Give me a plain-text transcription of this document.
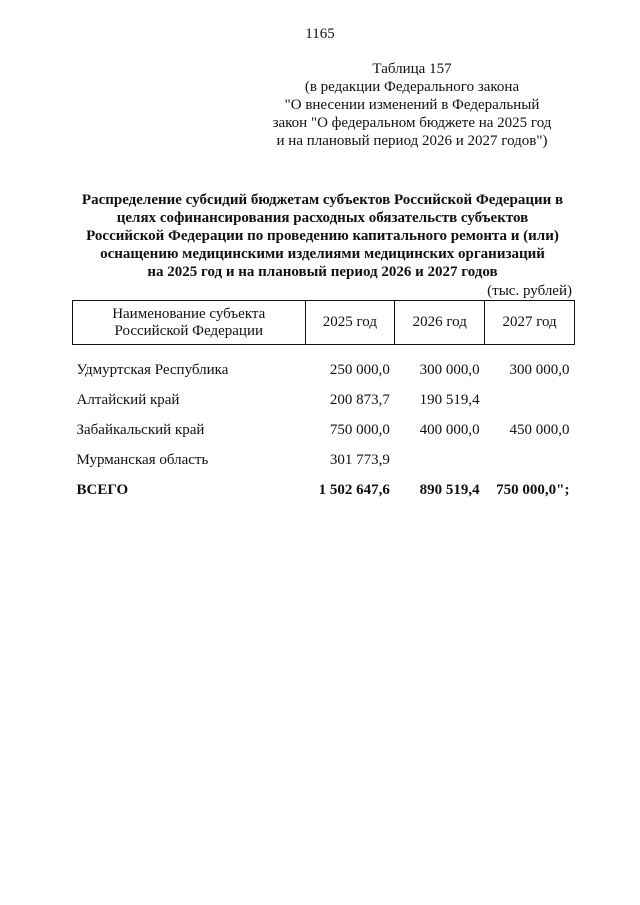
1165
Таблица 157
(в редакции Федерального закона
"О внесении изменений в Федеральный
закон "О федеральном бюджете на 2025 год
и на плановый период 2026 и 2027 годов")
Распределение субсидий бюджетам субъектов Российской Федерации в
целях софинансирования расходных обязательств субъектов
Российской Федерации по проведению капитального ремонта и (или)
оснащению медицинскими изделиями медицинских организаций
на 2025 год и на плановый период 2026 и 2027 годов
(тыс. рублей)
Наименование субъекта
Российской Федерации	2025 год	2026 год	2027 год
Удмуртская Республика	250 000,0	300 000,0	300 000,0
Алтайский край	200 873,7	190 519,4	
Забайкальский край	750 000,0	400 000,0	450 000,0
Мурманская область	301 773,9		
ВСЕГО	1 502 647,6	890 519,4	750 000,0";
